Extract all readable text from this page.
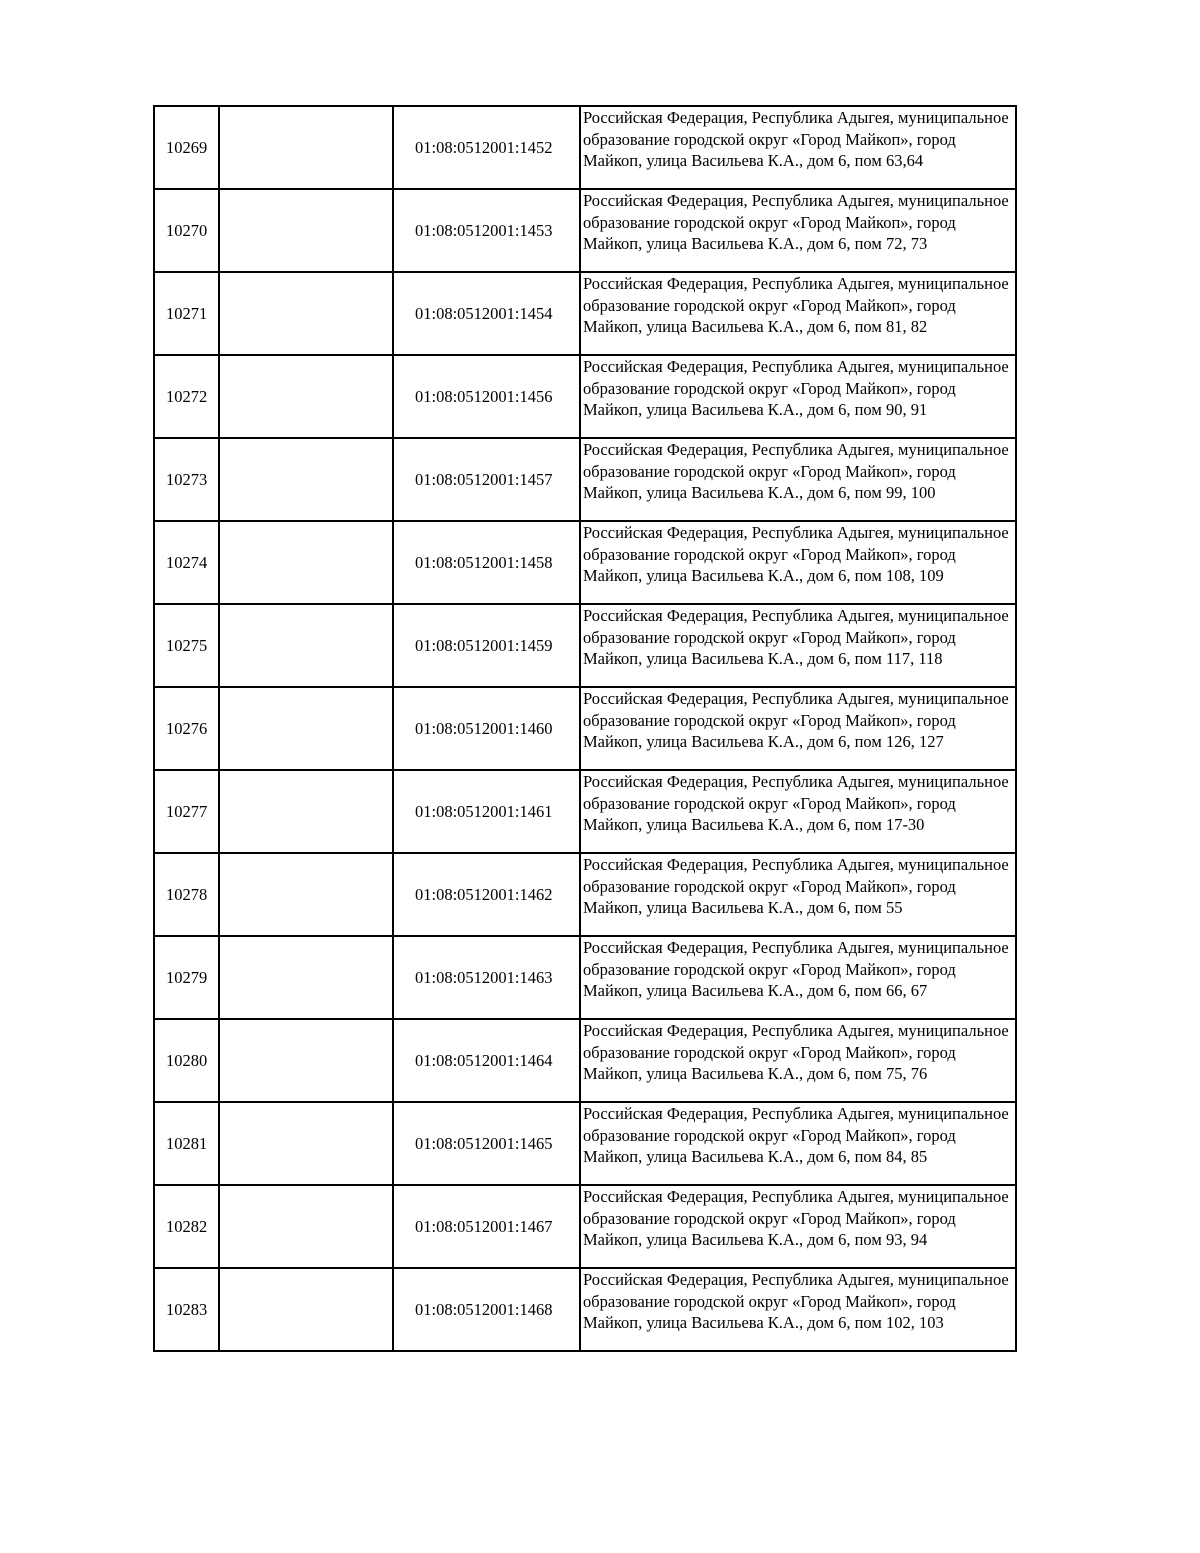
10269		01:08:0512001:1452	Российская Федерация, Республика Адыгея, муниципальное образование городской округ «Город Майкоп», город Майкоп, улица Васильева К.А., дом 6, пом 63,64

10270		01:08:0512001:1453	Российская Федерация, Республика Адыгея, муниципальное образование городской округ «Город Майкоп», город Майкоп, улица Васильева К.А., дом 6, пом 72, 73

10271		01:08:0512001:1454	Российская Федерация, Республика Адыгея, муниципальное образование городской округ «Город Майкоп», город Майкоп, улица Васильева К.А., дом 6, пом 81, 82

10272		01:08:0512001:1456	Российская Федерация, Республика Адыгея, муниципальное образование городской округ «Город Майкоп», город Майкоп, улица Васильева К.А., дом 6, пом 90, 91

10273		01:08:0512001:1457	Российская Федерация, Республика Адыгея, муниципальное образование городской округ «Город Майкоп», город Майкоп, улица Васильева К.А., дом 6, пом 99, 100

10274		01:08:0512001:1458	Российская Федерация, Республика Адыгея, муниципальное образование городской округ «Город Майкоп», город Майкоп, улица Васильева К.А., дом 6, пом 108, 109

10275		01:08:0512001:1459	Российская Федерация, Республика Адыгея, муниципальное образование городской округ «Город Майкоп», город Майкоп, улица Васильева К.А., дом 6, пом 117, 118

10276		01:08:0512001:1460	Российская Федерация, Республика Адыгея, муниципальное образование городской округ «Город Майкоп», город Майкоп, улица Васильева К.А., дом 6, пом 126, 127

10277		01:08:0512001:1461	Российская Федерация, Республика Адыгея, муниципальное образование городской округ «Город Майкоп», город Майкоп, улица Васильева К.А., дом 6, пом 17-30

10278		01:08:0512001:1462	Российская Федерация, Республика Адыгея, муниципальное образование городской округ «Город Майкоп», город Майкоп, улица Васильева К.А., дом 6, пом 55

10279		01:08:0512001:1463	Российская Федерация, Республика Адыгея, муниципальное образование городской округ «Город Майкоп», город Майкоп, улица Васильева К.А., дом 6, пом 66, 67

10280		01:08:0512001:1464	Российская Федерация, Республика Адыгея, муниципальное образование городской округ «Город Майкоп», город Майкоп, улица Васильева К.А., дом 6, пом 75, 76

10281		01:08:0512001:1465	Российская Федерация, Республика Адыгея, муниципальное образование городской округ «Город Майкоп», город Майкоп, улица Васильева К.А., дом 6, пом 84, 85

10282		01:08:0512001:1467	Российская Федерация, Республика Адыгея, муниципальное образование городской округ «Город Майкоп», город Майкоп, улица Васильева К.А., дом 6, пом 93, 94

10283		01:08:0512001:1468	Российская Федерация, Республика Адыгея, муниципальное образование городской округ «Город Майкоп», город Майкоп, улица Васильева К.А., дом 6, пом 102, 103
